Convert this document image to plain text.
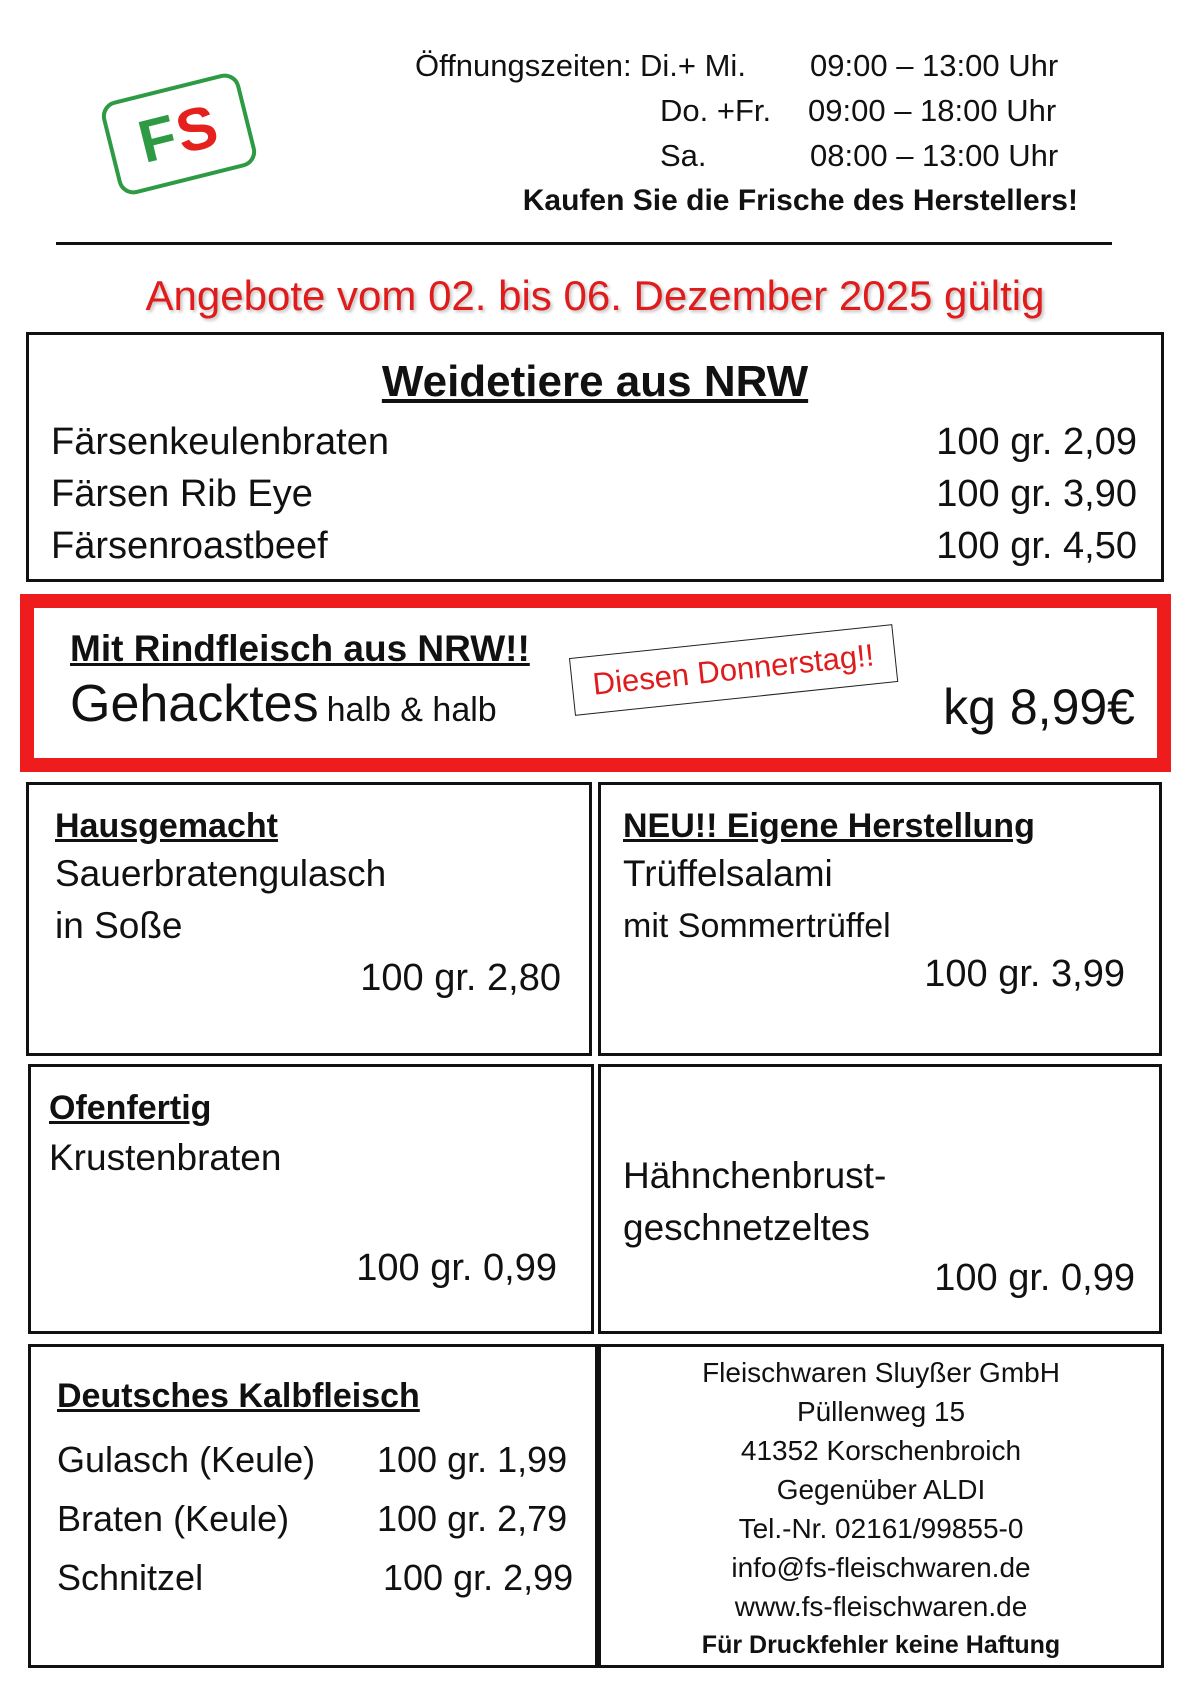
FS
Öffnungszeiten: Di.+ Mi. 09:00 – 13:00 Uhr
Do. +Fr. 09:00 – 18:00 Uhr
Sa.	08:00 – 13:00 Uhr
Kaufen Sie die Frische des Herstellers!
Angebote vom 02. bis 06. Dezember 2025 gültig
Weidetiere aus NRW
Färsenkeulenbraten	100 gr. 2,09
Färsen Rib Eye	100 gr. 3,90
Färsenroastbeef	100 gr. 4,50
Mit Rindfleisch aus NRW!!
Gehacktes halb & halb
Diesen Donnerstag!!
kg 8,99€
Hausgemacht
Sauerbratengulasch
in Soße
100 gr. 2,80
NEU!! Eigene Herstellung
Trüffelsalami
mit Sommertrüffel
100 gr. 3,99
Ofenfertig
Krustenbraten
100 gr. 0,99
Hähnchenbrust-
geschnetzeltes
100 gr. 0,99
Deutsches Kalbfleisch
Gulasch (Keule) 100 gr. 1,99
Braten (Keule) 100 gr. 2,79
Schnitzel	100 gr. 2,99
Fleischwaren Sluyßer GmbH
Püllenweg 15
41352 Korschenbroich
Gegenüber ALDI
Tel.-Nr. 02161/99855-0
info@fs-fleischwaren.de
www.fs-fleischwaren.de
Für Druckfehler keine Haftung
